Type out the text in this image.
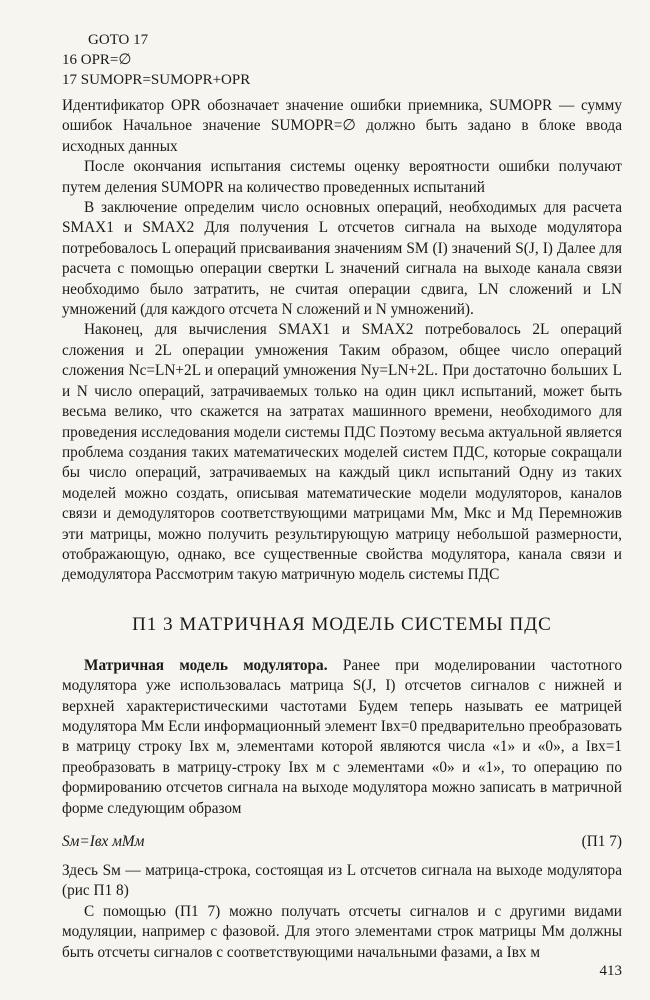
GOTO 17
16 OPR=∅
17 SUMOPR=SUMOPR+OPR

Идентификатор OPR обозначает значение ошибки приемника, SUMOPR — сумму ошибок Начальное значение SUMOPR=∅ должно быть задано в блоке ввода исходных данных

После окончания испытания системы оценку вероятности ошибки получают путем деления SUMOPR на количество проведенных испытаний

В заключение определим число основных операций, необходимых для расчета SMAX1 и SMAX2 Для получения L отсчетов сигнала на выходе модулятора потребовалось L операций присваивания значениям SM (I) значений S(J, I) Далее для расчета с помощью операции свертки L значений сигнала на выходе канала связи необходимо было затратить, не считая операции сдвига, LN сложений и LN умножений (для каждого отсчета N сложений и N умножений).

Наконец, для вычисления SMAX1 и SMAX2 потребовалось 2L операций сложения и 2L операции умножения Таким образом, общее число операций сложения Nc=LN+2L и операций умножения Ny=LN+2L. При достаточно больших L и N число операций, затрачиваемых только на один цикл испытаний, может быть весьма велико, что скажется на затратах машинного времени, необходимого для проведения исследования модели системы ПДС Поэтому весьма актуальной является проблема создания таких математических моделей систем ПДС, которые сокращали бы число операций, затрачиваемых на каждый цикл испытаний Одну из таких моделей можно создать, описывая математические модели модуляторов, каналов связи и демодуляторов соответствующими матрицами Mм, Mкс и Mд Перемножив эти матрицы, можно получить результирующую матрицу небольшой размерности, отображающую, однако, все существенные свойства модулятора, канала связи и демодулятора Рассмотрим такую матричную модель системы ПДС

П1 3 МАТРИЧНАЯ МОДЕЛЬ СИСТЕМЫ ПДС

Матричная модель модулятора. Ранее при моделировании частотного модулятора уже использовалась матрица S(J, I) отсчетов сигналов с нижней и верхней характеристическими частотами Будем теперь называть ее матрицей модулятора Mм Если информационный элемент Iвх=0 предварительно преобразовать в матрицу строку Iвх м, элементами которой являются числа «1» и «0», а Iвх=1 преобразовать в матрицу-строку Iвх м с элементами «0» и «1», то операцию по формированию отсчетов сигнала на выходе модулятора можно записать в матричной форме следующим образом

Sм=Iвх мMм	(П1 7)

Здесь Sм — матрица-строка, состоящая из L отсчетов сигнала на выходе модулятора (рис П1 8)

С помощью (П1 7) можно получать отсчеты сигналов и с другими видами модуляции, например с фазовой. Для этого элементами строк матрицы Mм должны быть отсчеты сигналов с соответствующими начальными фазами, а Iвх м

413
